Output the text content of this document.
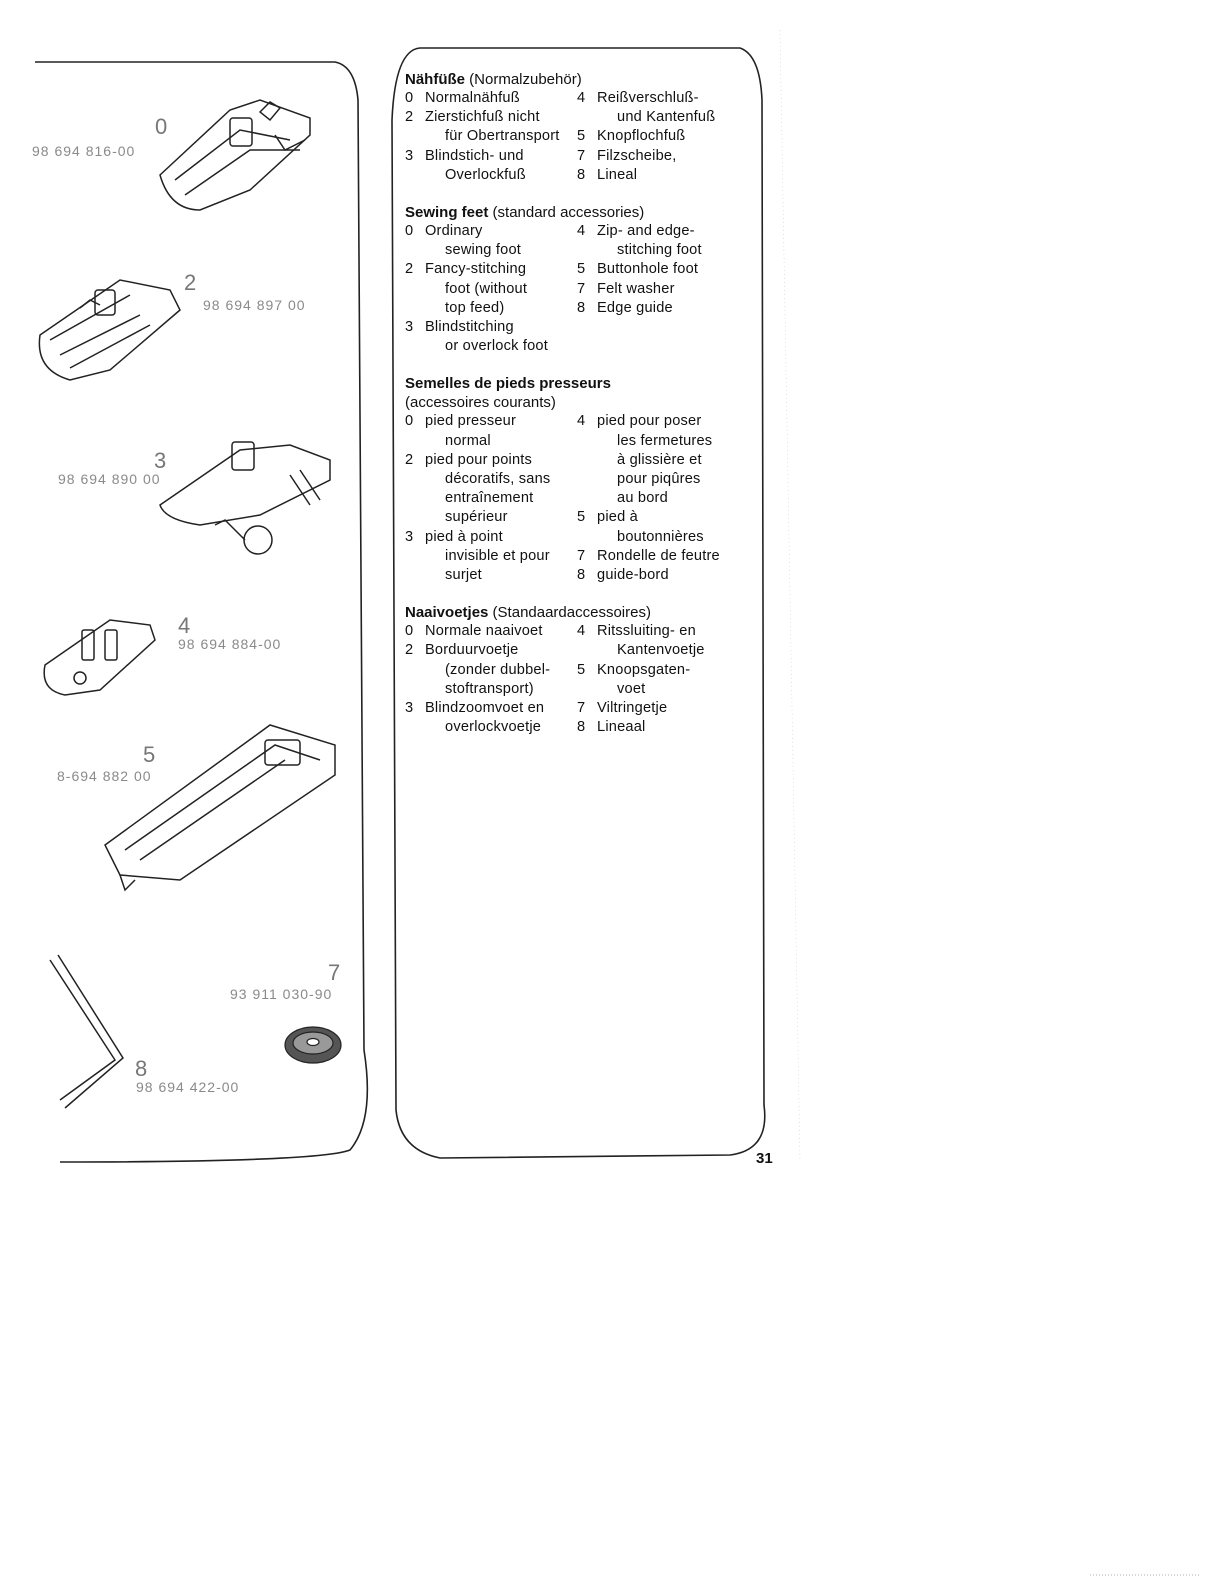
0
98 694 816-00
2
98 694 897 00
3
98 694 890 00
4
98 694 884-00
5
8-694 882 00
7
93 911 030-90
8
98 694 422-00
Nähfüße (Normalzubehör)
0 Normalnähfuß
2 Zierstichfuß nicht
für Obertransport
3 Blindstich- und
Overlockfuß
4 Reißverschluß-
und Kantenfuß
5 Knopflochfuß
7 Filzscheibe,
8 Lineal
Sewing feet (standard accessories)
0 Ordinary
sewing foot
2 Fancy-stitching
foot (without
top feed)
3 Blindstitching
or overlock foot
4 Zip- and edge-
stitching foot
5 Buttonhole foot
7 Felt washer
8 Edge guide
Semelles de pieds presseurs
(accessoires courants)
0 pied presseur
normal
2 pied pour points
décoratifs, sans
entraînement
supérieur
3 pied à point
invisible et pour
surjet
4 pied pour poser
les fermetures
à glissière et
pour piqûres
au bord
5 pied à
boutonnières
7 Rondelle de feutre
8 guide-bord
Naaivoetjes (Standaardaccessoires)
0 Normale naaivoet
2 Borduurvoetje
(zonder dubbel-
stoftransport)
3 Blindzoomvoet en
overlockvoetje
4 Ritssluiting- en
Kantenvoetje
5 Knoopsgaten-
voet
7 Viltringetje
8 Lineaal
31
